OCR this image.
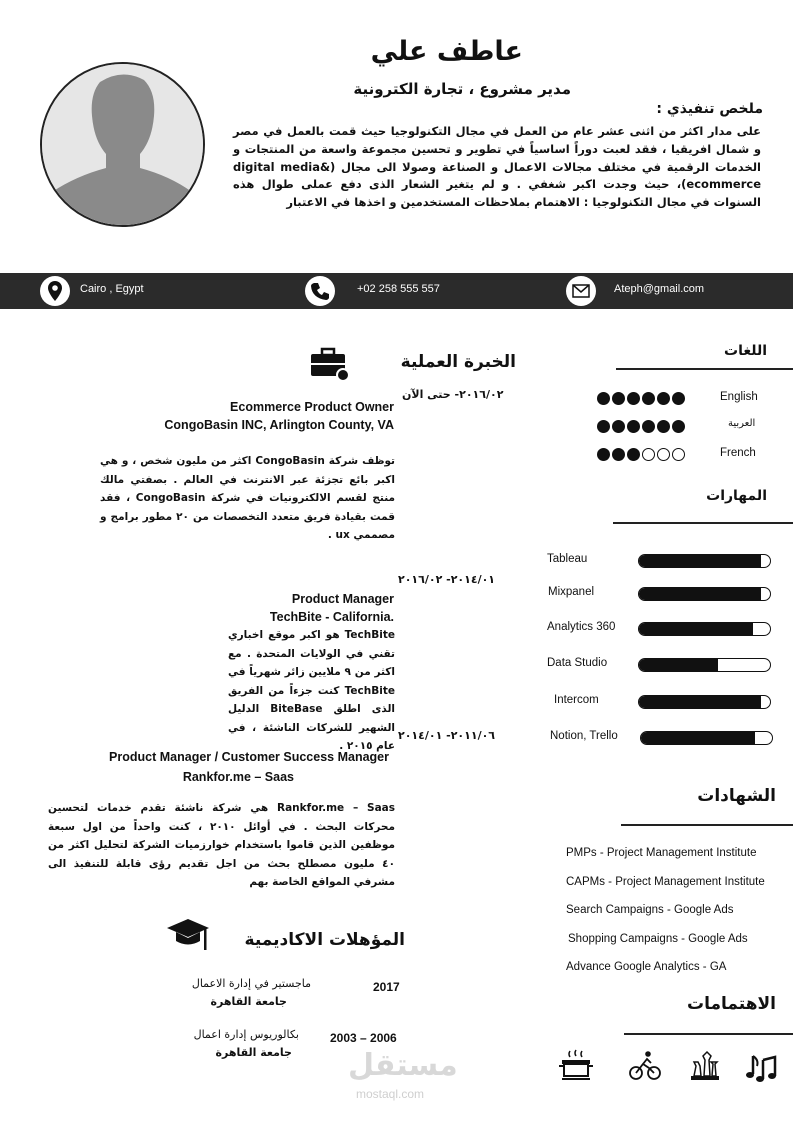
عاطف علي
مدير مشروع ، تجارة الكترونية
ملخص تنفيذي :
على مدار اكثر من اثنى عشر عام من العمل في مجال التكنولوجيا حيث قمت بالعمل في مصر و شمال افريقيا ، فقد لعبت دوراً اساسياً في تطوير و تحسين مجموعة واسعة من المنتجات و الخدمات الرقمية في مختلف مجالات الاعمال و الصناعة وصولا الى مجال (digital media& ecommerce)، حيث وجدت اكبر شغفي . و لم يتغير الشعار الذى دفع عملى طوال هذه السنوات في مجال التكنولوجيا : الاهتمام بملاحظات المستخدمين و اخذها في الاعتبار
Cairo , Egypt	+02 258 555 557	Ateph@gmail.com
الخبرة العملية
٢٠١٦/٠٢- حتى الآن
Ecommerce Product Owner
CongoBasin INC, Arlington County, VA
توظف شركة CongoBasin اكثر من مليون شخص ، و هي اكبر بائع تجزئة عبر الانترنت في العالم . بصفتي مالك منتج لقسم الالكترونيات في شركة CongoBasin ، فقد قمت بقيادة فريق متعدد التخصصات من ٢٠ مطور برامج و مصممي ux .
٢٠١٤/٠١- ٢٠١٦/٠٢
Product Manager
TechBite - California.
TechBite هو اكبر موقع اخباري تقني في الولايات المتحدة . مع اكثر من ٩ ملايين زائر شهرياً في TechBite كنت جزءاً من الفريق الذى اطلق BiteBase الدليل الشهير للشركات الناشئة ، في عام ٢٠١٥ .
٢٠١١/٠٦- ٢٠١٤/٠١
Product Manager / Customer Success Manager
Rankfor.me – Saas
Rankfor.me – Saas هي شركة ناشئة تقدم خدمات لتحسين محركات البحث . في أوائل ٢٠١٠ ، كنت واحداً من اول سبعة موظفين الذين قاموا باستخدام خوارزميات الشركة لتحليل اكثر من ٤٠ مليون مصطلح بحث من اجل تقديم رؤى قابلة للتنفيذ الى مشرفي المواقع الخاصة بهم
المؤهلات الاكاديمية
2017
ماجستير في إدارة الاعمال
جامعة القاهرة
2003 – 2006
بكالوريوس إدارة اعمال
جامعة القاهرة
اللغات
English
العربية
French
المهارات
Tableau
Mixpanel
Analytics 360
Data Studio
Intercom
Notion, Trello
الشهادات
PMPs - Project Management Institute
CAPMs - Project Management Institute
Search Campaigns - Google Ads
Shopping Campaigns - Google Ads
Advance Google Analytics - GA
الاهتمامات
مستقل
mostaql.com
